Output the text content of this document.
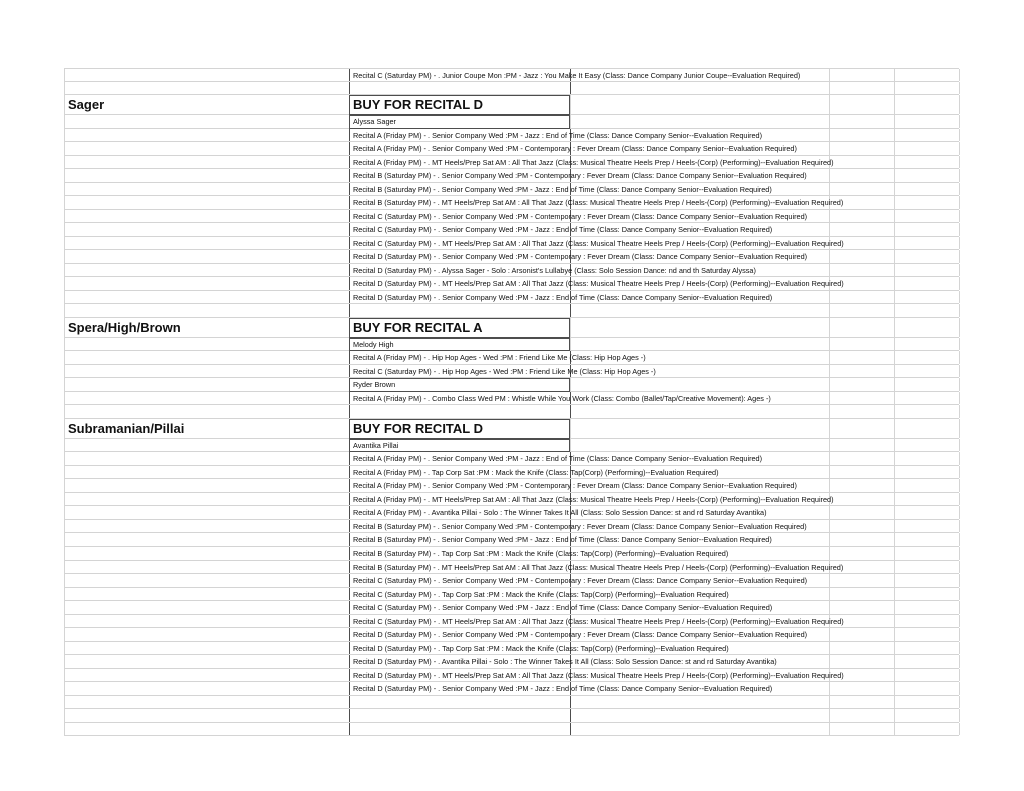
Recital C (Saturday PM) - . Junior Coupe Mon :PM - Jazz : You Make It Easy (Class: Dance Company Junior Coupe--Evaluation Required)
Sager	BUY FOR RECITAL D
Alyssa Sager
Recital A (Friday PM) - . Senior Company Wed :PM - Jazz : End of Time (Class: Dance Company Senior--Evaluation Required)
Recital A (Friday PM) - . Senior Company Wed :PM - Contemporary : Fever Dream (Class: Dance Company Senior--Evaluation Required)
Recital A (Friday PM) - . MT Heels/Prep Sat AM : All That Jazz (Class: Musical Theatre Heels Prep / Heels-(Corp) (Performing)--Evaluation Required)
Recital B (Saturday PM) - . Senior Company Wed :PM - Contemporary : Fever Dream (Class: Dance Company Senior--Evaluation Required)
Recital B (Saturday PM) - . Senior Company Wed :PM - Jazz : End of Time (Class: Dance Company Senior--Evaluation Required)
Recital B (Saturday PM) - . MT Heels/Prep Sat AM : All That Jazz (Class: Musical Theatre Heels Prep / Heels-(Corp) (Performing)--Evaluation Required)
Recital C (Saturday PM) - . Senior Company Wed :PM - Contemporary : Fever Dream (Class: Dance Company Senior--Evaluation Required)
Recital C (Saturday PM) - . Senior Company Wed :PM - Jazz : End of Time (Class: Dance Company Senior--Evaluation Required)
Recital C (Saturday PM) - . MT Heels/Prep Sat AM : All That Jazz (Class: Musical Theatre Heels Prep / Heels-(Corp) (Performing)--Evaluation Required)
Recital D (Saturday PM) - . Senior Company Wed :PM - Contemporary : Fever Dream (Class: Dance Company Senior--Evaluation Required)
Recital D (Saturday PM) - . Alyssa Sager - Solo : Arsonist's Lullabye (Class: Solo Session Dance: nd and th Saturday Alyssa)
Recital D (Saturday PM) - . MT Heels/Prep Sat AM : All That Jazz (Class: Musical Theatre Heels Prep / Heels-(Corp) (Performing)--Evaluation Required)
Recital D (Saturday PM) - . Senior Company Wed :PM - Jazz : End of Time (Class: Dance Company Senior--Evaluation Required)
Spera/High/Brown	BUY FOR RECITAL A
Melody High
Recital A (Friday PM) - . Hip Hop Ages - Wed :PM : Friend Like Me (Class: Hip Hop Ages -)
Recital C (Saturday PM) - . Hip Hop Ages - Wed :PM : Friend Like Me (Class: Hip Hop Ages -)
Ryder Brown
Recital A (Friday PM) - . Combo Class Wed PM : Whistle While You Work (Class: Combo (Ballet/Tap/Creative Movement): Ages -)
Subramanian/Pillai	BUY FOR RECITAL D
Avantika Pillai
Recital A (Friday PM) - . Senior Company Wed :PM - Jazz : End of Time (Class: Dance Company Senior--Evaluation Required)
Recital A (Friday PM) - . Tap Corp Sat :PM : Mack the Knife (Class: Tap(Corp) (Performing)--Evaluation Required)
Recital A (Friday PM) - . Senior Company Wed :PM - Contemporary : Fever Dream (Class: Dance Company Senior--Evaluation Required)
Recital A (Friday PM) - . MT Heels/Prep Sat AM : All That Jazz (Class: Musical Theatre Heels Prep / Heels-(Corp) (Performing)--Evaluation Required)
Recital A (Friday PM) - . Avantika Pillai - Solo : The Winner Takes It All (Class: Solo Session Dance: st and rd Saturday Avantika)
Recital B (Saturday PM) - . Senior Company Wed :PM - Contemporary : Fever Dream (Class: Dance Company Senior--Evaluation Required)
Recital B (Saturday PM) - . Senior Company Wed :PM - Jazz : End of Time (Class: Dance Company Senior--Evaluation Required)
Recital B (Saturday PM) - . Tap Corp Sat :PM : Mack the Knife (Class: Tap(Corp) (Performing)--Evaluation Required)
Recital B (Saturday PM) - . MT Heels/Prep Sat AM : All That Jazz (Class: Musical Theatre Heels Prep / Heels-(Corp) (Performing)--Evaluation Required)
Recital C (Saturday PM) - . Senior Company Wed :PM - Contemporary : Fever Dream (Class: Dance Company Senior--Evaluation Required)
Recital C (Saturday PM) - . Tap Corp Sat :PM : Mack the Knife (Class: Tap(Corp) (Performing)--Evaluation Required)
Recital C (Saturday PM) - . Senior Company Wed :PM - Jazz : End of Time (Class: Dance Company Senior--Evaluation Required)
Recital C (Saturday PM) - . MT Heels/Prep Sat AM : All That Jazz (Class: Musical Theatre Heels Prep / Heels-(Corp) (Performing)--Evaluation Required)
Recital D (Saturday PM) - . Senior Company Wed :PM - Contemporary : Fever Dream (Class: Dance Company Senior--Evaluation Required)
Recital D (Saturday PM) - . Tap Corp Sat :PM : Mack the Knife (Class: Tap(Corp) (Performing)--Evaluation Required)
Recital D (Saturday PM) - . Avantika Pillai - Solo : The Winner Takes It All (Class: Solo Session Dance: st and rd Saturday Avantika)
Recital D (Saturday PM) - . MT Heels/Prep Sat AM : All That Jazz (Class: Musical Theatre Heels Prep / Heels-(Corp) (Performing)--Evaluation Required)
Recital D (Saturday PM) - . Senior Company Wed :PM - Jazz : End of Time (Class: Dance Company Senior--Evaluation Required)
